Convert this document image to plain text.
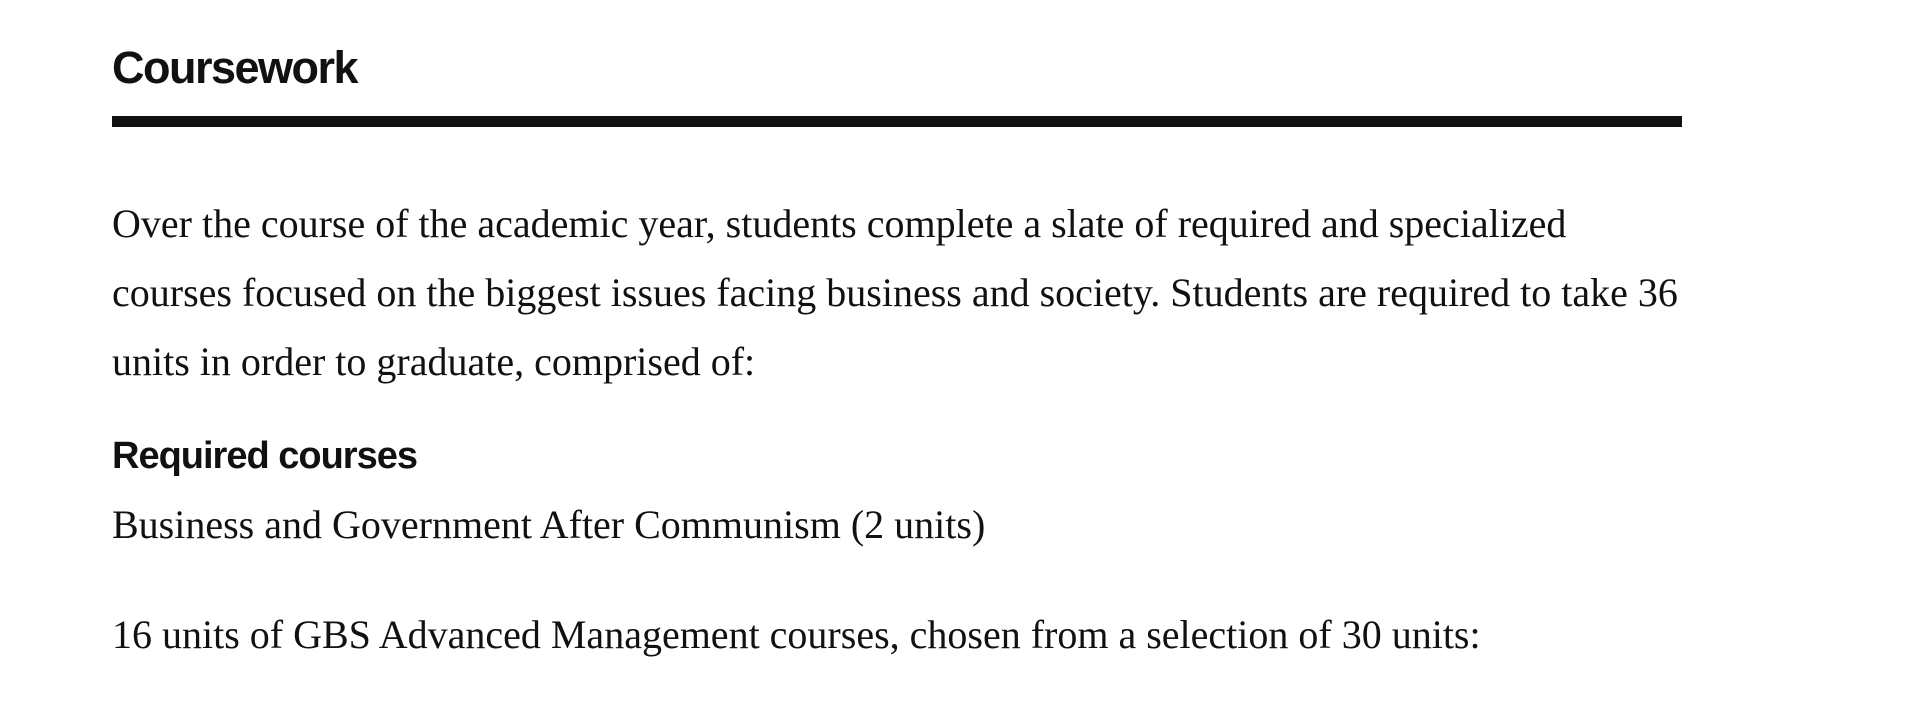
Coursework

Over the course of the academic year, students complete a slate of required and specialized courses focused on the biggest issues facing business and society. Students are required to take 36 units in order to graduate, comprised of:

Required courses

Business and Government After Communism (2 units)

16 units of GBS Advanced Management courses, chosen from a selection of 30 units:
